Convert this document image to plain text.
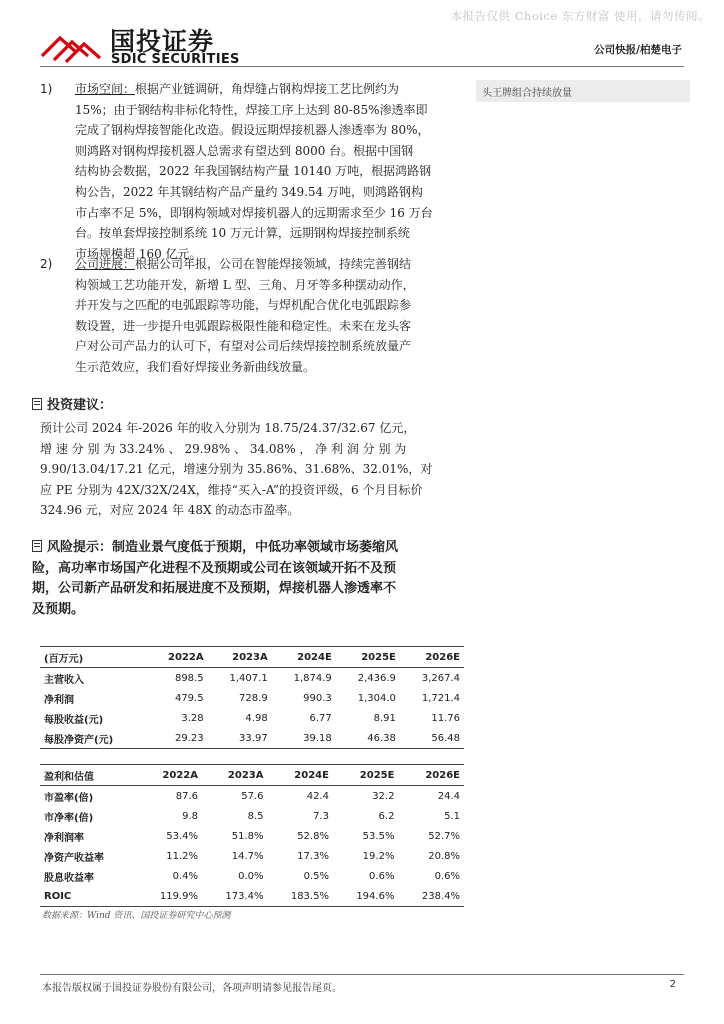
本报告仅供 Choice 东方财富 使用，请勿传阅。
国投证券
SDIC SECURITIES
公司快报/柏楚电子
头王牌组合持续放量
1) 市场空间：根据产业链调研，角焊缝占钢构焊接工艺比例约为
15%；由于钢结构非标化特性，焊接工序上达到 80-85%渗透率即
完成了钢构焊接智能化改造。假设远期焊接机器人渗透率为 80%，
则鸿路对钢构焊接机器人总需求有望达到 8000 台。根据中国钢
结构协会数据，2022 年我国钢结构产量 10140 万吨，根据鸿路钢
构公告，2022 年其钢结构产品产量约 349.54 万吨，则鸿路钢构
市占率不足 5%，即钢构领域对焊接机器人的远期需求至少 16 万台
台。按单套焊接控制系统 10 万元计算，远期钢构焊接控制系统
市场规模超 160 亿元。
2) 公司进展：根据公司年报，公司在智能焊接领域，持续完善钢结
构领域工艺功能开发，新增 L 型、三角、月牙等多种摆动动作，
并开发与之匹配的电弧跟踪等功能，与焊机配合优化电弧跟踪参
数设置，进一步提升电弧跟踪极限性能和稳定性。未来在龙头客
户对公司产品力的认可下，有望对公司后续焊接控制系统放量产
生示范效应，我们看好焊接业务新曲线放量。
投资建议：
预计公司 2024 年-2026 年的收入分别为 18.75/24.37/32.67 亿元，
增 速 分 别 为 33.24% 、 29.98% 、 34.08% ， 净 利 润 分 别 为
9.90/13.04/17.21 亿元，增速分别为 35.86%、31.68%、32.01%，对
应 PE 分别为 42X/32X/24X，维持“买入-A”的投资评级，6 个月目标价
324.96 元，对应 2024 年 48X 的动态市盈率。
风险提示：制造业景气度低于预期，中低功率领域市场萎缩风
险，高功率市场国产化进程不及预期或公司在该领域开拓不及预
期，公司新产品研发和拓展进度不及预期，焊接机器人渗透率不
及预期。
(百万元)	2022A	2023A	2024E	2025E	2026E
主营收入	898.5	1,407.1	1,874.9	2,436.9	3,267.4
净利润	479.5	728.9	990.3	1,304.0	1,721.4
每股收益(元)	3.28	4.98	6.77	8.91	11.76
每股净资产(元)	29.23	33.97	39.18	46.38	56.48
盈利和估值	2022A	2023A	2024E	2025E	2026E
市盈率(倍)	87.6	57.6	42.4	32.2	24.4
市净率(倍)	9.8	8.5	7.3	6.2	5.1
净利润率	53.4%	51.8%	52.8%	53.5%	52.7%
净资产收益率	11.2%	14.7%	17.3%	19.2%	20.8%
股息收益率	0.4%	0.0%	0.5%	0.6%	0.6%
ROIC	119.9%	173.4%	183.5%	194.6%	238.4%
数据来源：Wind 资讯、国投证券研究中心预测
本报告版权属于国投证券股份有限公司，各项声明请参见报告尾页。	2
